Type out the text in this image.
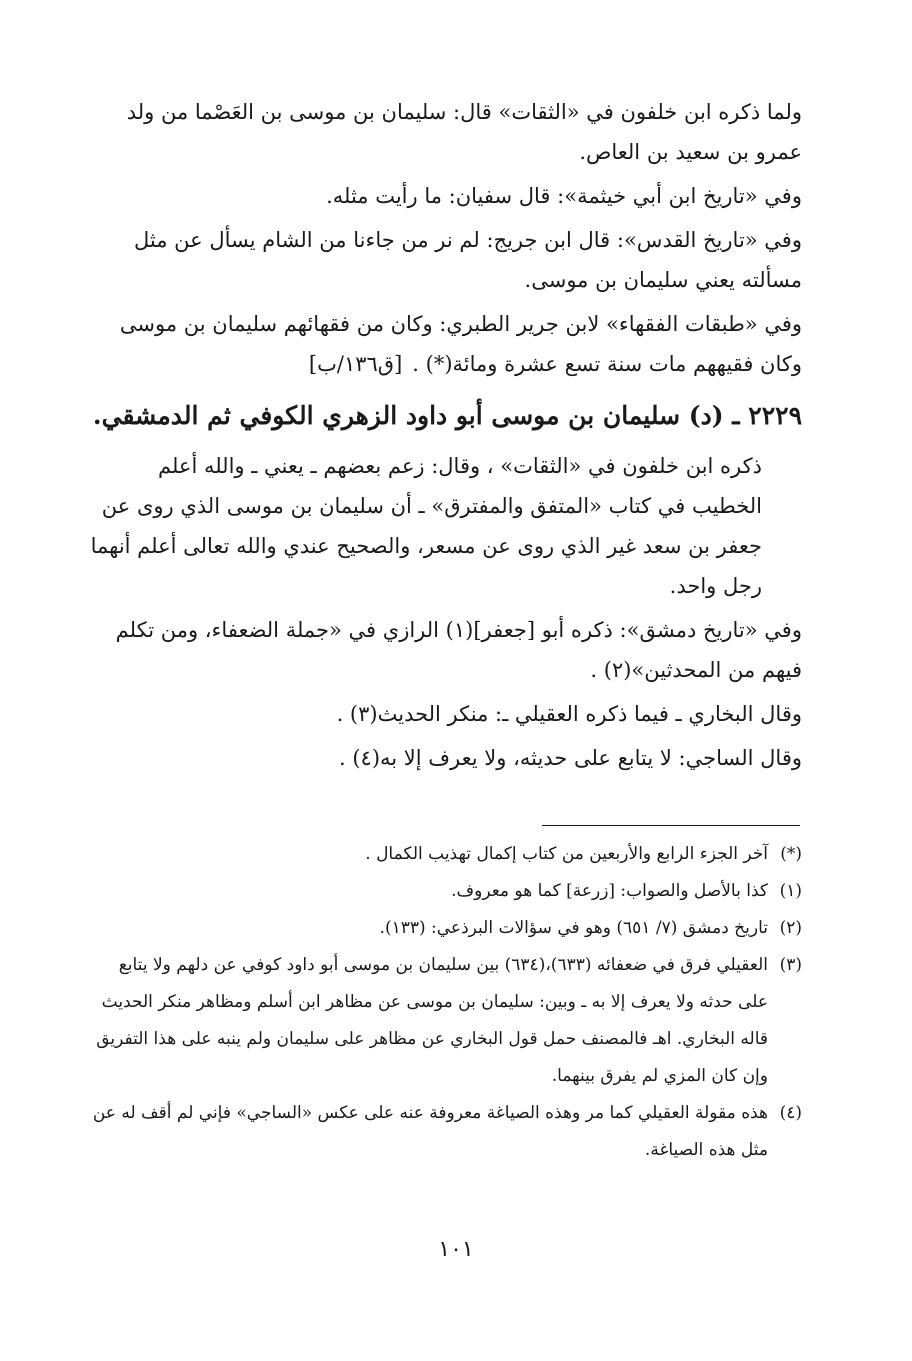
ولما ذكره ابن خلفون في «الثقات» قال: سليمان بن موسى بن العَصْما من ولد عمرو بن سعيد بن العاص.

وفي «تاريخ ابن أبي خيثمة»: قال سفيان: ما رأيت مثله.

وفي «تاريخ القدس»: قال ابن جريج: لم نر من جاءنا من الشام يسأل عن مثل مسألته يعني سليمان بن موسى.

وفي «طبقات الفقهاء» لابن جرير الطبري: وكان من فقهائهم سليمان بن موسى وكان فقيههم مات سنة تسع عشرة ومائة(*) .[ق١٣٦/ب]

٢٢٢٩ ـ (د) سليمان بن موسى أبو داود الزهري الكوفي ثم الدمشقي.

ذكره ابن خلفون في «الثقات» ، وقال: زعم بعضهم ـ يعني ـ والله أعلم الخطيب في كتاب «المتفق والمفترق» ـ أن سليمان بن موسى الذي روى عن جعفر بن سعد غير الذي روى عن مسعر، والصحيح عندي والله تعالى أعلم أنهما رجل واحد.

وفي «تاريخ دمشق»: ذكره أبو [جعفر](١) الرازي في «جملة الضعفاء، ومن تكلم فيهم من المحدثين»(٢) .

وقال البخاري ـ فيما ذكره العقيلي ـ: منكر الحديث(٣) .

وقال الساجي: لا يتابع على حديثه، ولا يعرف إلا به(٤) .

(*)
آخر الجزء الرابع والأربعين من كتاب إكمال تهذيب الكمال .

(١)
كذا بالأصل والصواب: [زرعة] كما هو معروف.

(٢)
تاريخ دمشق (٧/ ٦٥١) وهو في سؤالات البرذعي: (١٣٣).

(٣)
العقيلي فرق في ضعفائه (٦٣٣)،(٦٣٤) بين سليمان بن موسى أبو داود كوفي عن دلهم ولا يتابع على حدثه ولا يعرف إلا به ـ وبين: سليمان بن موسى عن مظاهر ابن أسلم ومظاهر منكر الحديث قاله البخاري. اهـ فالمصنف حمل قول البخاري عن مظاهر على سليمان ولم ينبه على هذا التفريق وإن كان المزي لم يفرق بينهما.

(٤)
هذه مقولة العقيلي كما مر وهذه الصياغة معروفة عنه على عكس «الساجي» فإني لم أقف له عن مثل هذه الصياغة.

١٠١
